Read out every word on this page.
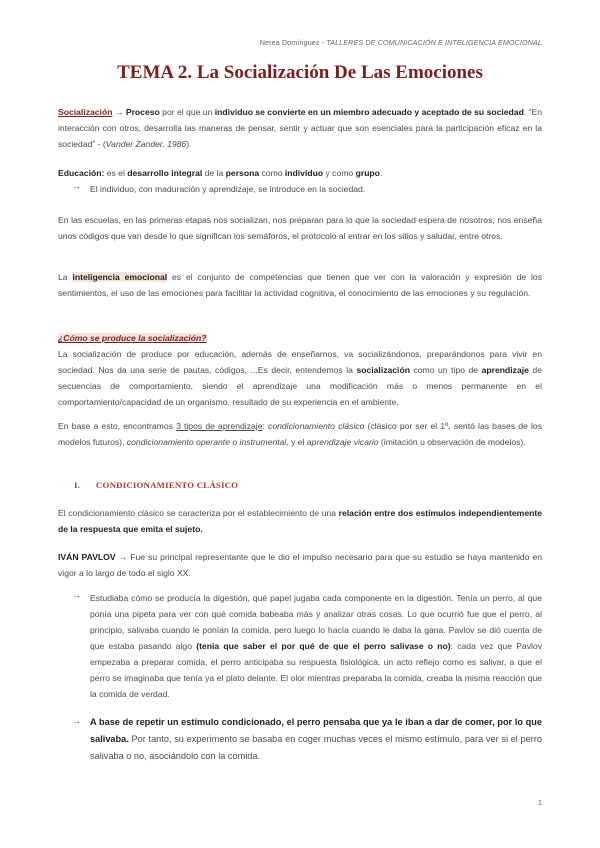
Nerea Domínguez - TALLERES DE COMUNICACIÓN E INTELIGENCIA EMOCIONAL
TEMA 2. La Socialización De Las Emociones

Socialización → Proceso por el que un individuo se convierte en un miembro adecuado y aceptado de su sociedad. “En interacción con otros, desarrolla las maneras de pensar, sentir y actuar que son esenciales para la participación eficaz en la sociedad” - (Vander Zander, 1986).

Educación: es el desarrollo integral de la persona como individuo y como grupo.

→ El individuo, con maduración y aprendizaje, se introduce en la sociedad.

En las escuelas, en las primeras etapas nos socializan, nos preparan para lo que la sociedad espera de nosotros, nos enseña unos códigos que van desde lo que significan los semáforos, el protocolo al entrar en los sitios y saludar, entre otros.

La inteligencia emocional es el conjunto de competencias que tienen que ver con la valoración y expresión de los sentimientos, el uso de las emociones para facilitar la actividad cognitiva, el conocimiento de las emociones y su regulación.

¿Cómo se produce la socialización?

La socialización de produce por educación, además de enseñarnos, va socializándonos, preparándonos para vivir en sociedad. Nos da una serie de pautas, códigos, ...Es decir, entendemos la socialización como un tipo de aprendizaje de secuencias de comportamiento, siendo el aprendizaje una modificación más o menos permanente en el comportamiento/capacidad de un organismo, resultado de su experiencia en el ambiente.

En base a esto, encontramos 3 tipos de aprendizaje: condicionamiento clásico (clásico por ser el 1º, sentó las bases de los modelos futuros), condicionamiento operante o instrumental, y el aprendizaje vicario (imitación u observación de modelos).

I. CONDICIONAMIENTO CLÁSICO

El condicionamiento clásico se caracteriza por el establecimiento de una relación entre dos estímulos independientemente de la respuesta que emita el sujeto.

IVÁN PAVLOV → Fue su principal representante que le dio el impulso necesario para que su estudio se haya mantenido en vigor a lo largo de todo el siglo XX.

→ Estudiaba cómo se producía la digestión, qué papel jugaba cada componente en la digestión. Tenía un perro, al que ponía una pipeta para ver con qué comida babeaba más y analizar otras cosas. Lo que ocurrió fue que el perro, al principio, salivaba cuando le ponían la comida, pero luego lo hacía cuando le daba la gana. Pavlov se dió cuenta de que estaba pasando algo (tenía que saber el por qué de que el perro salivase o no): cada vez que Pavlov empezaba a preparar comida, el perro anticipaba su respuesta fisiológica, un acto reflejo como es salivar, a que el perro se imaginaba que tenía ya el plato delante. El olor mientras preparaba la comida, creaba la misma reacción que la comida de verdad.

→ A base de repetir un estímulo condicionado, el perro pensaba que ya le iban a dar de comer, por lo que salivaba. Por tanto, su experimento se basaba en coger muchas veces el mismo estímulo, para ver si el perro salivaba o no, asociándolo con la comida.

1
